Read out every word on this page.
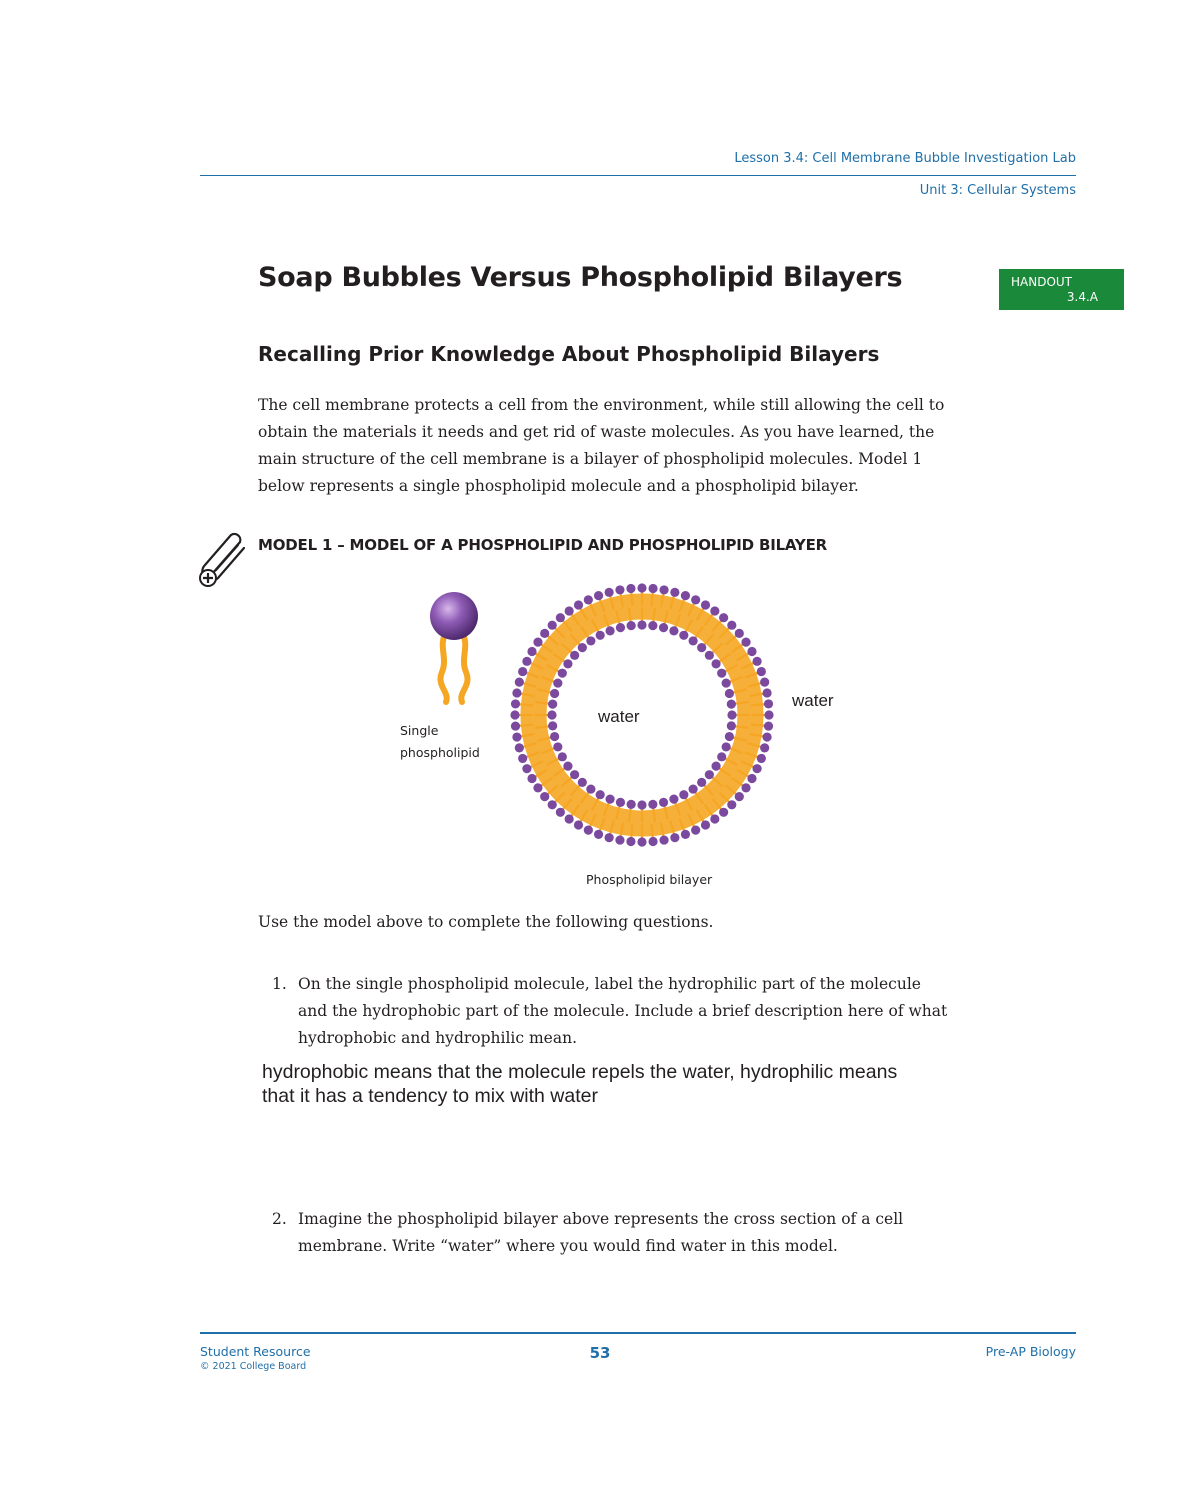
Lesson 3.4: Cell Membrane Bubble Investigation Lab
Unit 3: Cellular Systems
Soap Bubbles Versus Phospholipid Bilayers	HANDOUT
3.4.A
Recalling Prior Knowledge About Phospholipid Bilayers

The cell membrane protects a cell from the environment, while still allowing the cell to

obtain the materials it needs and get rid of waste molecules. As you have learned, the

main structure of the cell membrane is a bilayer of phospholipid molecules. Model 1

below represents a single phospholipid molecule and a phospholipid bilayer.

MODEL 1 – MODEL OF A PHOSPHOLIPID AND PHOSPHOLIPID BILAYER
water
water
Single
phospholipid
Phospholipid bilayer
Use the model above to complete the following questions.
1. On the single phospholipid molecule, label the hydrophilic part of the molecule

and the hydrophobic part of the molecule. Include a brief description here of what

hydrophobic and hydrophilic mean.

hydrophobic means that the molecule repels the water, hydrophilic means

that it has a tendency to mix with water

2. Imagine the phospholipid bilayer above represents the cross section of a cell

membrane. Write “water” where you would find water in this model.

Student Resource
© 2021 College Board
53	Pre-AP Biology
